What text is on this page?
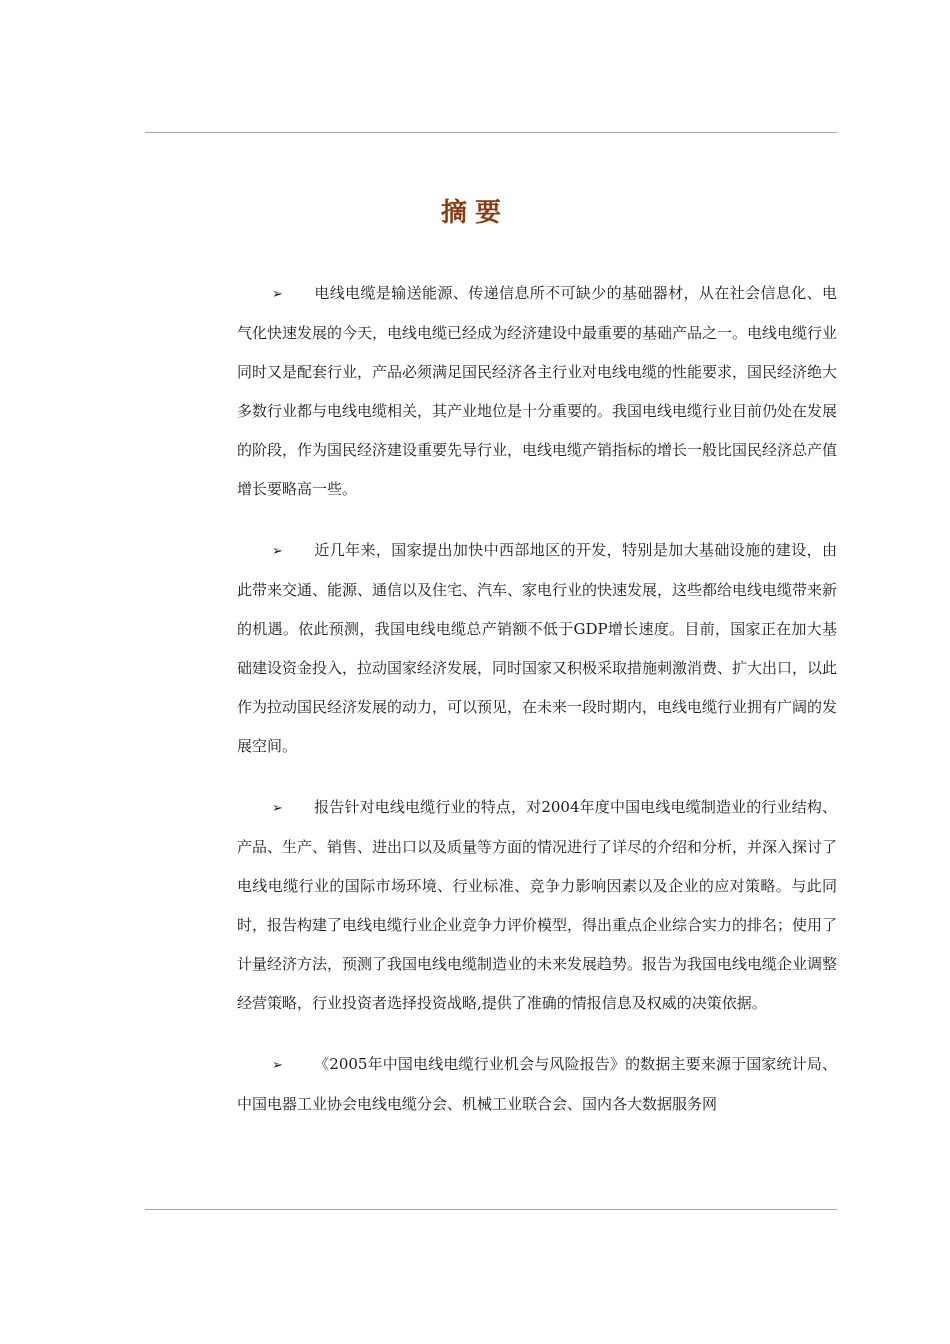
摘要

➢ 电线电缆是输送能源、传递信息所不可缺少的基础器材，从在社会信息化、电气化快速发展的今天，电线电缆已经成为经济建设中最重要的基础产品之一。电线电缆行业同时又是配套行业，产品必须满足国民经济各主行业对电线电缆的性能要求，国民经济绝大多数行业都与电线电缆相关，其产业地位是十分重要的。我国电线电缆行业目前仍处在发展的阶段，作为国民经济建设重要先导行业，电线电缆产销指标的增长一般比国民经济总产值增长要略高一些。

➢ 近几年来，国家提出加快中西部地区的开发，特别是加大基础设施的建设，由此带来交通、能源、通信以及住宅、汽车、家电行业的快速发展，这些都给电线电缆带来新的机遇。依此预测，我国电线电缆总产销额不低于GDP增长速度。目前，国家正在加大基础建设资金投入，拉动国家经济发展，同时国家又积极采取措施刺激消费、扩大出口，以此作为拉动国民经济发展的动力，可以预见，在未来一段时期内，电线电缆行业拥有广阔的发展空间。

➢ 报告针对电线电缆行业的特点，对2004年度中国电线电缆制造业的行业结构、产品、生产、销售、进出口以及质量等方面的情况进行了详尽的介绍和分析，并深入探讨了电线电缆行业的国际市场环境、行业标准、竞争力影响因素以及企业的应对策略。与此同时，报告构建了电线电缆行业企业竞争力评价模型，得出重点企业综合实力的排名；使用了计量经济方法，预测了我国电线电缆制造业的未来发展趋势。报告为我国电线电缆企业调整经营策略，行业投资者选择投资战略,提供了准确的情报信息及权威的决策依据。

➢ 《2005年中国电线电缆行业机会与风险报告》的数据主要来源于国家统计局、中国电器工业协会电线电缆分会、机械工业联合会、国内各大数据服务网
